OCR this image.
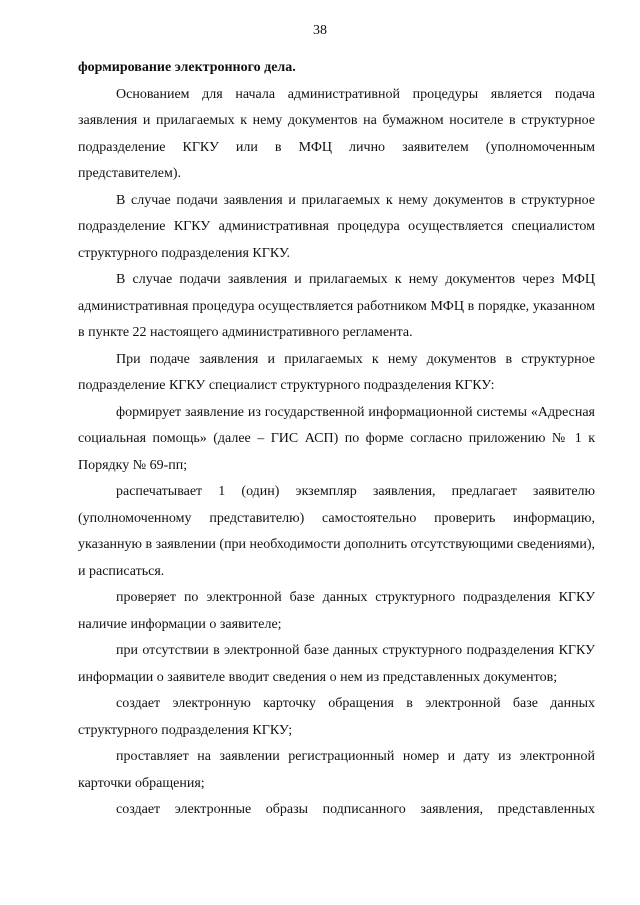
38

формирование электронного дела.

Основанием для начала административной процедуры является подача заявления и прилагаемых к нему документов на бумажном носителе в структурное подразделение КГКУ или в МФЦ лично заявителем (уполномоченным представителем).

В случае подачи заявления и прилагаемых к нему документов в структурное подразделение КГКУ административная процедура осуществляется специалистом структурного подразделения КГКУ.

В случае подачи заявления и прилагаемых к нему документов через МФЦ административная процедура осуществляется работником МФЦ в порядке, указанном в пункте 22 настоящего административного регламента.

При подаче заявления и прилагаемых к нему документов в структурное подразделение КГКУ специалист структурного подразделения КГКУ:

формирует заявление из государственной информационной системы «Адресная социальная помощь» (далее – ГИС АСП) по форме согласно приложению № 1 к Порядку № 69-пп;

распечатывает 1 (один) экземпляр заявления, предлагает заявителю (уполномоченному представителю) самостоятельно проверить информацию, указанную в заявлении (при необходимости дополнить отсутствующими сведениями), и расписаться.

проверяет по электронной базе данных структурного подразделения КГКУ наличие информации о заявителе;

при отсутствии в электронной базе данных структурного подразделения КГКУ информации о заявителе вводит сведения о нем из представленных документов;

создает электронную карточку обращения в электронной базе данных структурного подразделения КГКУ;

проставляет на заявлении регистрационный номер и дату из электронной карточки обращения;

создает электронные образы подписанного заявления, представленных
